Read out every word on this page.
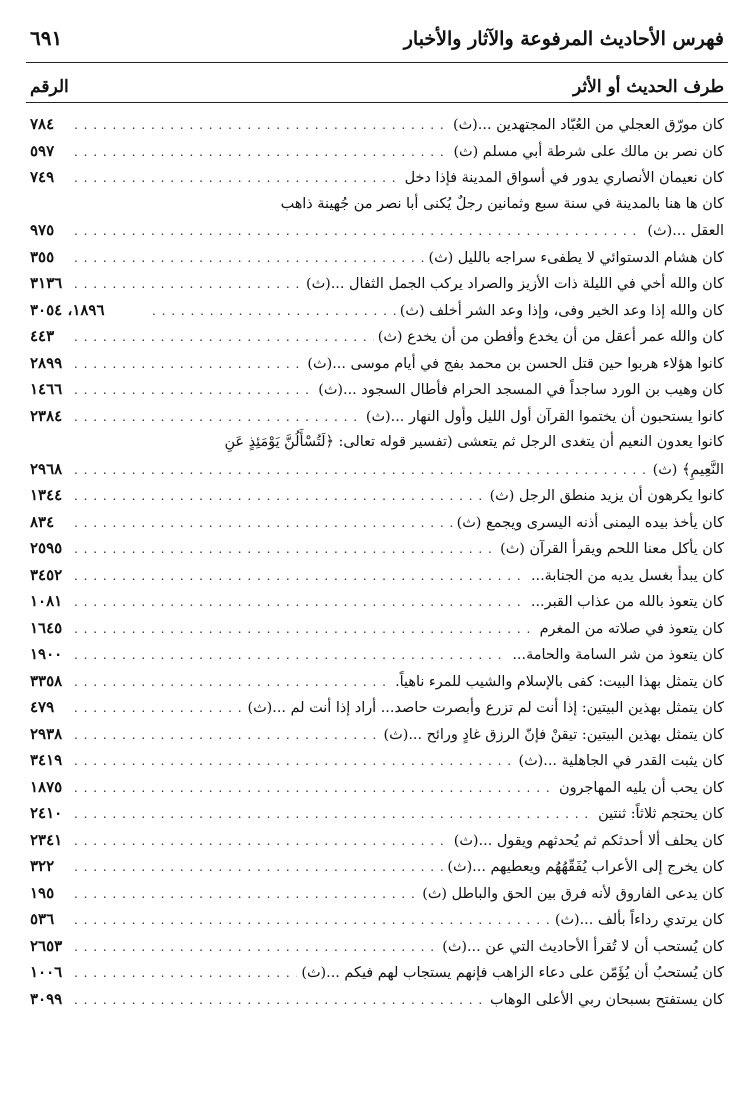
فهرس الأحاديث المرفوعة والآثار والأخبار
٦٩١
طرف الحديث أو الأثر
الرقم
كان مورّق العجلي من العُبّاد المجتهدين ...(ث)
. . .
٧٨٤
كان نصر بن مالك على شرطة أبي مسلم (ث)
. . .
٥٩٧
كان نعيمان الأنصاري يدور في أسواق المدينة فإذا دخل
. . .
٧٤٩
كان ها هنا بالمدينة في سنة سبع وثمانين رجلٌ يُكنى أبا نصر من جُهينة ذاهب
العقل ...(ث)
. . .
٩٧٥
كان هشام الدستوائي لا يطفىء سراجه بالليل (ث)
. . .
٣٥٥
كان والله أخي في الليلة ذات الأزيز والصراد يركب الجمل الثفال ...(ث)
. . .
٣١٣٦
كان والله إذا وعد الخير وفى، وإذا وعد الشر أخلف (ث)
. . .
١٨٩٦، ٣٠٥٤
كان والله عمر أعقل من أن يخدع وأفطن من أن يخدع (ث)
. . .
٤٤٣
كانوا هؤلاء هربوا حين قتل الحسن بن محمد بفج في أيام موسى ...(ث)
. . .
٢٨٩٩
كان وهيب بن الورد ساجداً في المسجد الحرام فأطال السجود ...(ث)
. . .
١٤٦٦
كانوا يستحبون أن يختموا القرآن أول الليل وأول النهار ...(ث)
. . .
٢٣٨٤
كانوا يعدون النعيم أن يتغدى الرجل ثم يتعشى (تفسير قوله تعالى: ﴿لَتُسْأَلُنَّ يَوْمَئِذٍ عَنِ
النَّعِيمِ﴾ (ث)
. . .
٢٩٦٨
كانوا يكرهون أن يزيد منطق الرجل (ث)
. . .
١٣٤٤
كان يأخذ بيده اليمنى أذنه اليسرى ويجمع (ث)
. . .
٨٣٤
كان يأكل معنا اللحم ويقرأ القرآن (ث)
. . .
٢٥٩٥
كان يبدأ بغسل يديه من الجنابة...
. . .
٣٤٥٢
كان يتعوذ بالله من عذاب القبر...
. . .
١٠٨١
كان يتعوذ في صلاته من المغرم
. . .
١٦٤٥
كان يتعوذ من شر السامة والحامة...
. . .
١٩٠٠
كان يتمثل بهذا البيت: كفى بالإسلام والشيب للمرء ناهياً.
. . .
٣٣٥٨
كان يتمثل بهذين البيتين: إذا أنت لم تزرع وأبصرت حاصد... أراد إذا أنت لم ...(ث)
. . .
٤٧٩
كان يتمثل بهذين البيتين: تيقنْ فإنّ الرزق غادٍ ورائح ...(ث)
. . .
٢٩٣٨
كان يثبت القدر في الجاهلية ...(ث)
. . .
٣٤١٩
كان يحب أن يليه المهاجرون
. . .
١٨٧٥
كان يحتجم ثلاثاً: ثنتين
. . .
٢٤١٠
كان يحلف ألا أحدثكم ثم يُحدثهم ويقول ...(ث)
. . .
٢٣٤١
كان يخرج إلى الأعراب يُفَقّهُهُم ويعطيهم ...(ث)
. . .
٣٢٢
كان يدعى الفاروق لأنه فرق بين الحق والباطل (ث)
. . .
١٩٥
كان يرتدي رداءاً بألف ...(ث)
. . .
٥٣٦
كان يُستحب أن لا تُقرأ الأحاديث التي عن ...(ث)
. . .
٢٦٥٣
كان يُستحبُ أن يُؤَمّن على دعاء الزاهب فإنهم يستجاب لهم فيكم ...(ث)
. . .
١٠٠٦
كان يستفتح بسبحان ربي الأعلى الوهاب
. . .
٣٠٩٩
